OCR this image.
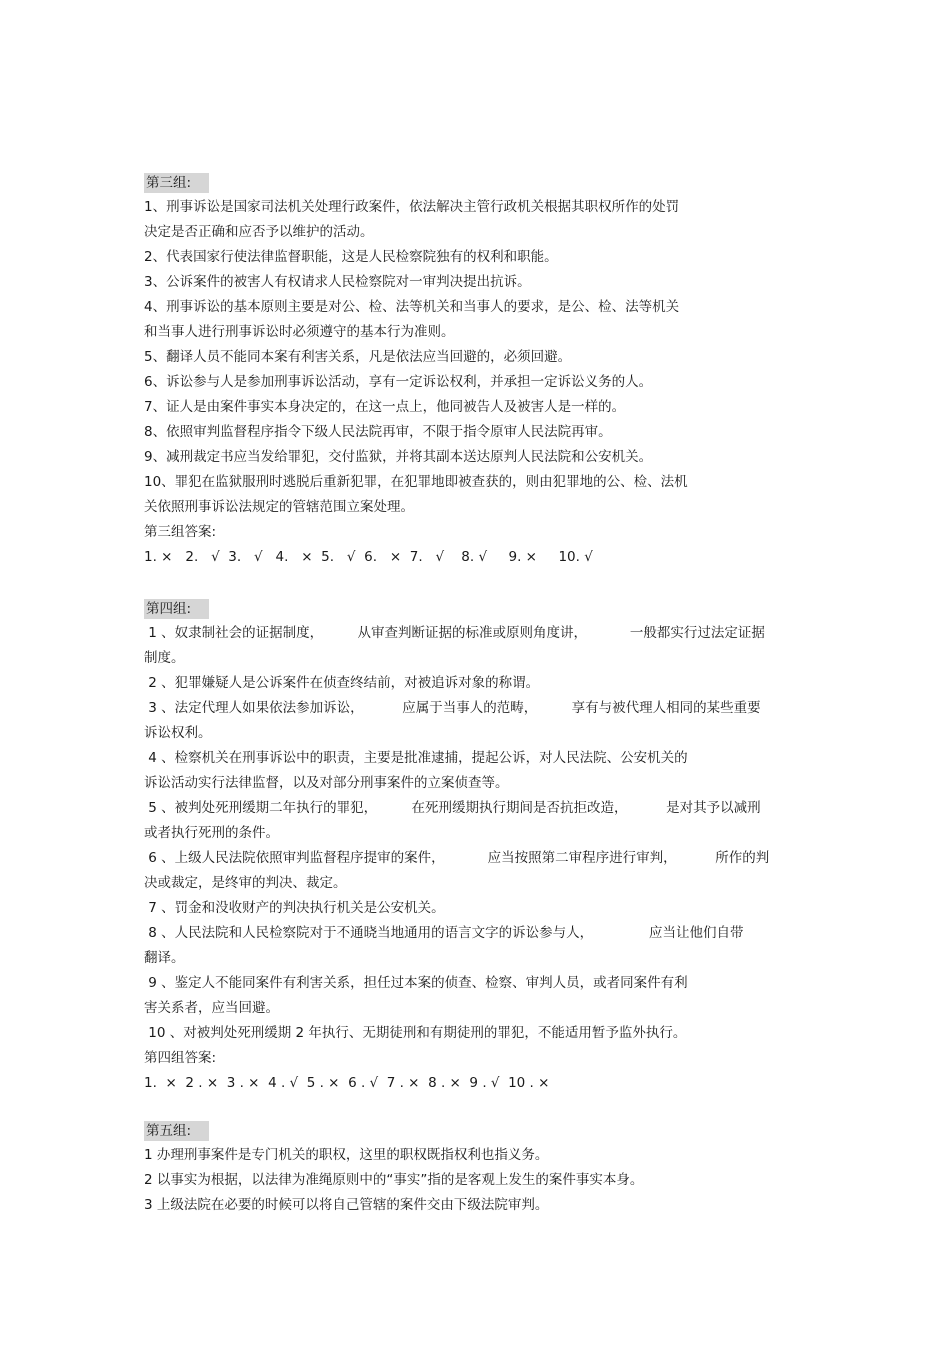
第三组:
1、刑事诉讼是国家司法机关处理行政案件，依法解决主管行政机关根据其职权所作的处罚
决定是否正确和应否予以维护的活动。
2、代表国家行使法律监督职能，这是人民检察院独有的权利和职能。
3、公诉案件的被害人有权请求人民检察院对一审判决提出抗诉。
4、刑事诉讼的基本原则主要是对公、检、法等机关和当事人的要求，是公、检、法等机关
和当事人进行刑事诉讼时必须遵守的基本行为准则。
5、翻译人员不能同本案有利害关系，凡是依法应当回避的，必须回避。
6、诉讼参与人是参加刑事诉讼活动，享有一定诉讼权利，并承担一定诉讼义务的人。
7、证人是由案件事实本身决定的，在这一点上，他同被告人及被害人是一样的。
8、依照审判监督程序指令下级人民法院再审，不限于指令原审人民法院再审。
9、减刑裁定书应当发给罪犯，交付监狱，并将其副本送达原判人民法院和公安机关。
10、罪犯在监狱服刑时逃脱后重新犯罪，在犯罪地即被查获的，则由犯罪地的公、检、法机
关依照刑事诉讼法规定的管辖范围立案处理。
第三组答案:
1. ×   2.   √  3.   √   4.   ×  5.   √  6.   ×  7.   √    8. √     9. ×     10. √
第四组:
1 、奴隶制社会的证据制度，        从审查判断证据的标准或原则角度讲，          一般都实行过法定证据
制度。
2 、犯罪嫌疑人是公诉案件在侦查终结前，对被追诉对象的称谓。
3 、法定代理人如果依法参加诉讼，         应属于当事人的范畴，        享有与被代理人相同的某些重要
诉讼权利。
4 、检察机关在刑事诉讼中的职责，主要是批准逮捕，提起公诉，对人民法院、公安机关的
诉讼活动实行法律监督，以及对部分刑事案件的立案侦查等。
5 、被判处死刑缓期二年执行的罪犯，        在死刑缓期执行期间是否抗拒改造，         是对其予以减刑
或者执行死刑的条件。
6 、上级人民法院依照审判监督程序提审的案件，          应当按照第二审程序进行审判，         所作的判
决或裁定，是终审的判决、裁定。
7 、罚金和没收财产的判决执行机关是公安机关。
8 、人民法院和人民检察院对于不通晓当地通用的语言文字的诉讼参与人，             应当让他们自带
翻译。
9 、鉴定人不能同案件有利害关系，担任过本案的侦查、检察、审判人员，或者同案件有利
害关系者，应当回避。
10 、对被判处死刑缓期 2 年执行、无期徒刑和有期徒刑的罪犯，不能适用暂予监外执行。
第四组答案:
1.  ×  2 . ×  3 . ×  4 . √  5 . ×  6 . √  7 . ×  8 . ×  9 . √  10 . ×
第五组:
1 办理刑事案件是专门机关的职权，这里的职权既指权利也指义务。
2 以事实为根据，以法律为准绳原则中的“事实”指的是客观上发生的案件事实本身。
3 上级法院在必要的时候可以将自己管辖的案件交由下级法院审判。
